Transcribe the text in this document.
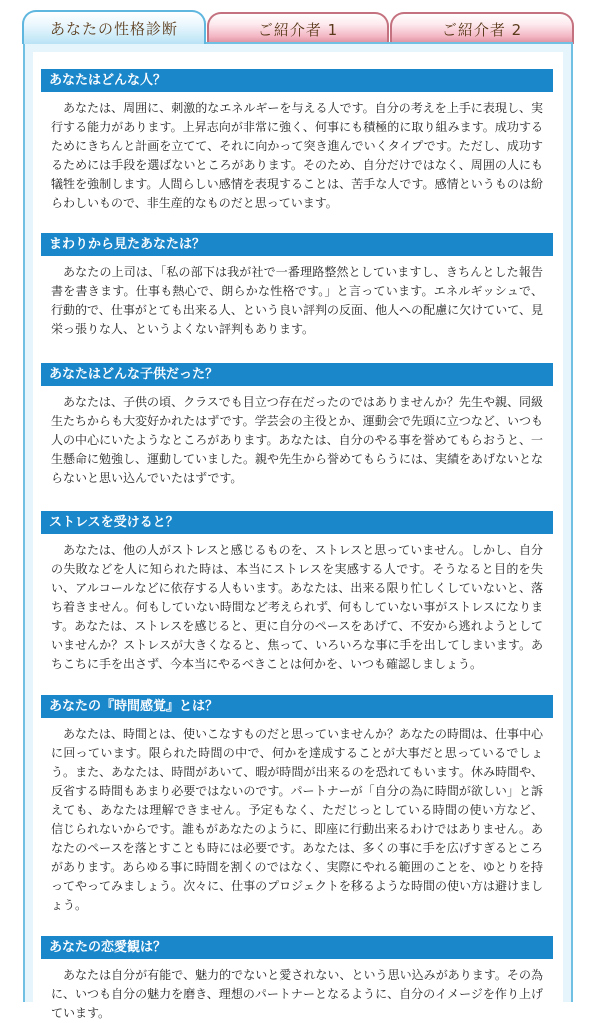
あなたの性格診断	ご紹介者 1	ご紹介者 2
あなたはどんな人？

あなたは、周囲に、刺激的なエネルギーを与える人です。自分の考えを上手に表現し、実行する能力があります。上昇志向が非常に強く、何事にも積極的に取り組みます。成功するためにきちんと計画を立てて、それに向かって突き進んでいくタイプです。ただし、成功するためには手段を選ばないところがあります。そのため、自分だけではなく、周囲の人にも犠牲を強制します。人間らしい感情を表現することは、苦手な人です。感情というものは紛らわしいもので、非生産的なものだと思っています。

まわりから見たあなたは？

あなたの上司は、「私の部下は我が社で一番理路整然としていますし、きちんとした報告書を書きます。仕事も熱心で、朗らかな性格です。」と言っています。エネルギッシュで、行動的で、仕事がとても出来る人、という良い評判の反面、他人への配慮に欠けていて、見栄っ張りな人、というよくない評判もあります。

あなたはどんな子供だった？

あなたは、子供の頃、クラスでも目立つ存在だったのではありませんか？先生や親、同級生たちからも大変好かれたはずです。学芸会の主役とか、運動会で先頭に立つなど、いつも人の中心にいたようなところがあります。あなたは、自分のやる事を誉めてもらおうと、一生懸命に勉強し、運動していました。親や先生から誉めてもらうには、実績をあげないとならないと思い込んでいたはずです。

ストレスを受けると？

あなたは、他の人がストレスと感じるものを、ストレスと思っていません。しかし、自分の失敗などを人に知られた時は、本当にストレスを実感する人です。そうなると目的を失い、アルコールなどに依存する人もいます。あなたは、出来る限り忙しくしていないと、落ち着きません。何もしていない時間など考えられず、何もしていない事がストレスになります。あなたは、ストレスを感じると、更に自分のペースをあげて、不安から逃れようとしていませんか？ストレスが大きくなると、焦って、いろいろな事に手を出してしまいます。あちこちに手を出さず、今本当にやるべきことは何かを、いつも確認しましょう。

あなたの『時間感覚』とは？

あなたは、時間とは、使いこなすものだと思っていませんか？あなたの時間は、仕事中心に回っています。限られた時間の中で、何かを達成することが大事だと思っているでしょう。また、あなたは、時間があいて、暇が時間が出来るのを恐れてもいます。休み時間や、反省する時間もあまり必要ではないのです。パートナーが「自分の為に時間が欲しい」と訴えても、あなたは理解できません。予定もなく、ただじっとしている時間の使い方など、信じられないからです。誰もがあなたのように、即座に行動出来るわけではありません。あなたのペースを落とすことも時には必要です。あなたは、多くの事に手を広げすぎるところがあります。あらゆる事に時間を割くのではなく、実際にやれる範囲のことを、ゆとりを持ってやってみましょう。次々に、仕事のプロジェクトを移るような時間の使い方は避けましょう。

あなたの恋愛観は？

あなたは自分が有能で、魅力的でないと愛されない、という思い込みがあります。その為に、いつも自分の魅力を磨き、理想のパートナーとなるように、自分のイメージを作り上げています。
